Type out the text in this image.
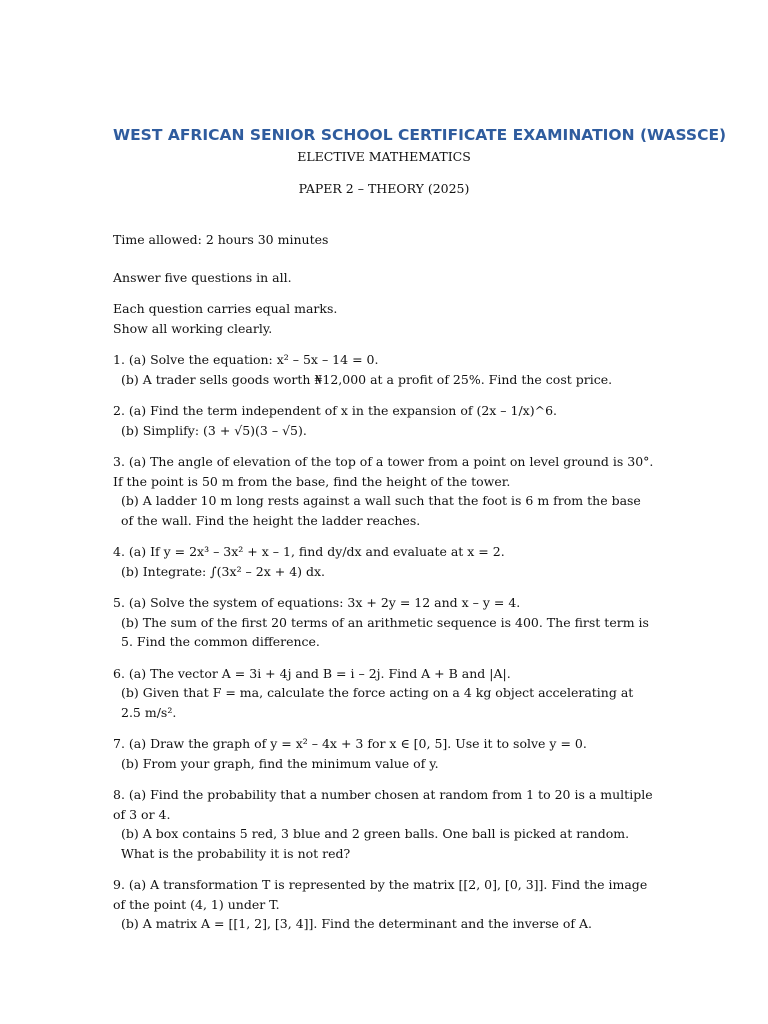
WEST AFRICAN SENIOR SCHOOL CERTIFICATE EXAMINATION (WASSCE)

ELECTIVE MATHEMATICS

PAPER 2 – THEORY (2025)

Time allowed: 2 hours 30 minutes

Answer five questions in all.

Each question carries equal marks.

Show all working clearly.

1. (a) Solve the equation: x² – 5x – 14 = 0.
(b) A trader sells goods worth ₦12,000 at a profit of 25%. Find the cost price.
2. (a) Find the term independent of x in the expansion of (2x – 1/x)^6.
(b) Simplify: (3 + √5)(3 – √5).
3. (a) The angle of elevation of the top of a tower from a point on level ground is 30°. If the point is 50 m from the base, find the height of the tower.
(b) A ladder 10 m long rests against a wall such that the foot is 6 m from the base of the wall. Find the height the ladder reaches.
4. (a) If y = 2x³ – 3x² + x – 1, find dy/dx and evaluate at x = 2.
(b) Integrate: ∫(3x² – 2x + 4) dx.
5. (a) Solve the system of equations: 3x + 2y = 12 and x – y = 4.
(b) The sum of the first 20 terms of an arithmetic sequence is 400. The first term is 5. Find the common difference.
6. (a) The vector A = 3i + 4j and B = i – 2j. Find A + B and |A|.
(b) Given that F = ma, calculate the force acting on a 4 kg object accelerating at 2.5 m/s².
7. (a) Draw the graph of y = x² – 4x + 3 for x ∈ [0, 5]. Use it to solve y = 0.
(b) From your graph, find the minimum value of y.
8. (a) Find the probability that a number chosen at random from 1 to 20 is a multiple of 3 or 4.
(b) A box contains 5 red, 3 blue and 2 green balls. One ball is picked at random. What is the probability it is not red?
9. (a) A transformation T is represented by the matrix [[2, 0], [0, 3]]. Find the image of the point (4, 1) under T.
(b) A matrix A = [[1, 2], [3, 4]]. Find the determinant and the inverse of A.
